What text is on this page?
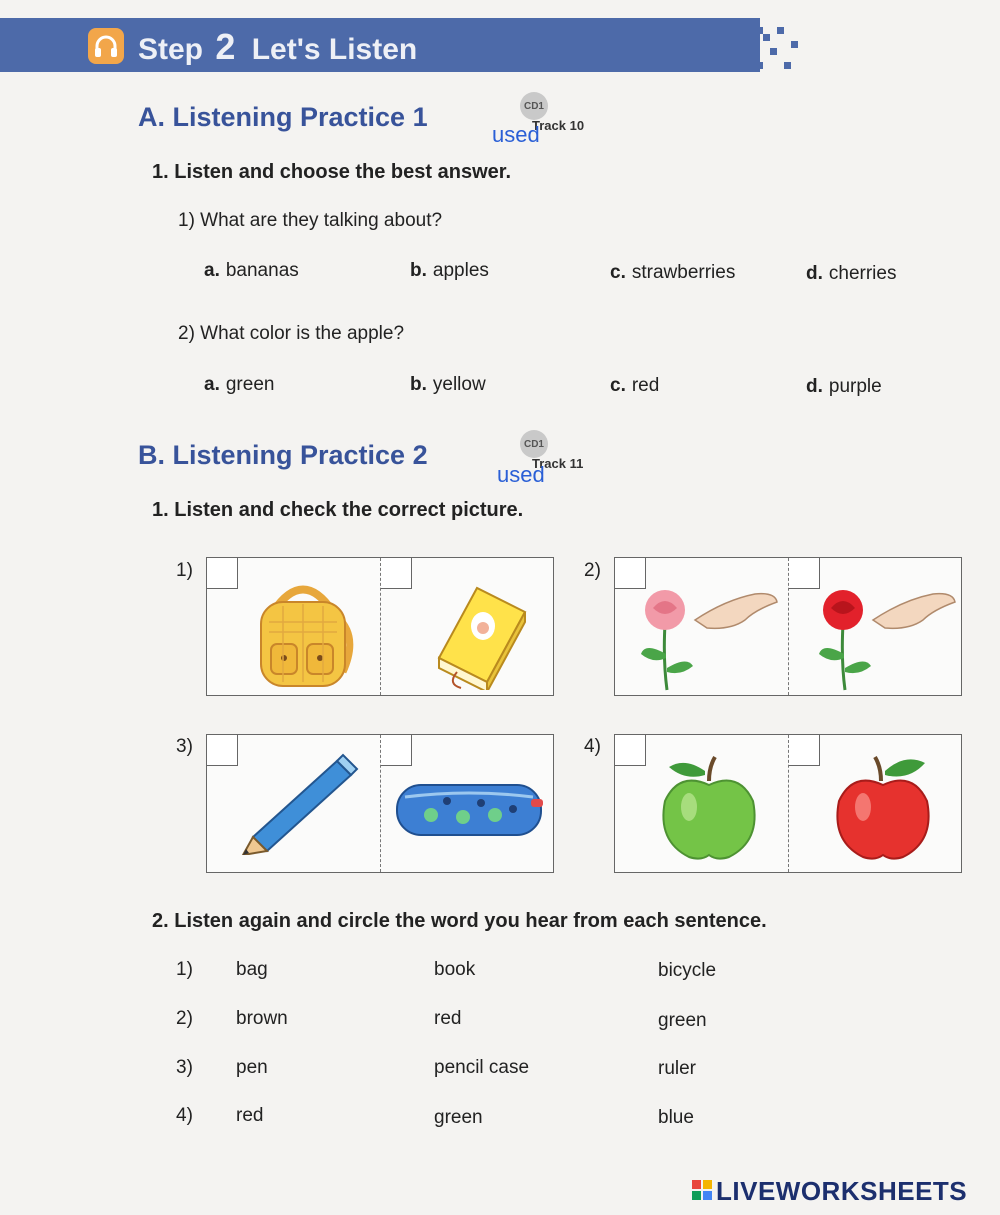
Step 2 Let's Listen
A. Listening Practice 1	CD1
Track 10
used
1. Listen and choose the best answer.
1) What are they talking about?
a. bananas	b. apples	c. strawberries	d. cherries
2) What color is the apple?
a. green	b. yellow	c. red	d. purple
B. Listening Practice 2	CD1
Track 11
used
1. Listen and check the correct picture.
1)	2)
3)	4)
2. Listen again and circle the word you hear from each sentence.
1) bag	book	bicycle
2) brown	red	green
3) pen	pencil case	ruler
4) red	green	blue
LIVEWORKSHEETS
